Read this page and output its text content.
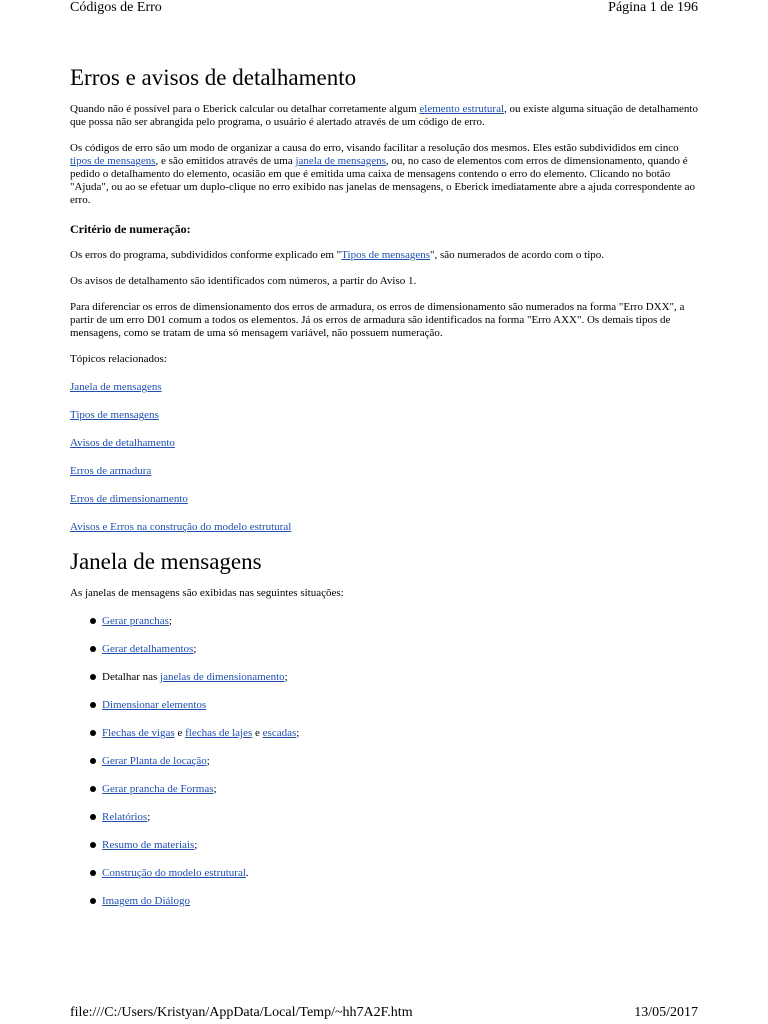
Códigos de Erro	Página 1 de 196
Erros e avisos de detalhamento

Quando não é possível para o Eberick calcular ou detalhar corretamente algum elemento estrutural, ou existe alguma situação de detalhamento que possa não ser abrangida pelo programa, o usuário é alertado através de um código de erro.

Os códigos de erro são um modo de organizar a causa do erro, visando facilitar a resolução dos mesmos. Eles estão subdivididos em cinco tipos de mensagens, e são emitidos através de uma janela de mensagens, ou, no caso de elementos com erros de dimensionamento, quando é pedido o detalhamento do elemento, ocasião em que é emitida uma caixa de mensagens contendo o erro do elemento. Clicando no botão "Ajuda", ou ao se efetuar um duplo-clique no erro exibido nas janelas de mensagens, o Eberick imediatamente abre a ajuda correspondente ao erro.

Critério de numeração:

Os erros do programa, subdivididos conforme explicado em "Tipos de mensagens", são numerados de acordo com o tipo.

Os avisos de detalhamento são identificados com números, a partir do Aviso 1.

Para diferenciar os erros de dimensionamento dos erros de armadura, os erros de dimensionamento são numerados na forma "Erro DXX", a partir de um erro D01 comum a todos os elementos. Já os erros de armadura são identificados na forma "Erro AXX". Os demais tipos de mensagens, como se tratam de uma só mensagem variável, não possuem numeração.

Tópicos relacionados:

Janela de mensagens

Tipos de mensagens

Avisos de detalhamento

Erros de armadura

Erros de dimensionamento

Avisos e Erros na construção do modelo estrutural

Janela de mensagens

As janelas de mensagens são exibidas nas seguintes situações:

Gerar pranchas;
Gerar detalhamentos;
Detalhar nas janelas de dimensionamento;
Dimensionar elementos
Flechas de vigas e flechas de lajes e escadas;
Gerar Planta de locação;
Gerar prancha de Formas;
Relatórios;
Resumo de materiais;
Construção do modelo estrutural.
Imagem do Diálogo
file:///C:/Users/Kristyan/AppData/Local/Temp/~hh7A2F.htm	13/05/2017
